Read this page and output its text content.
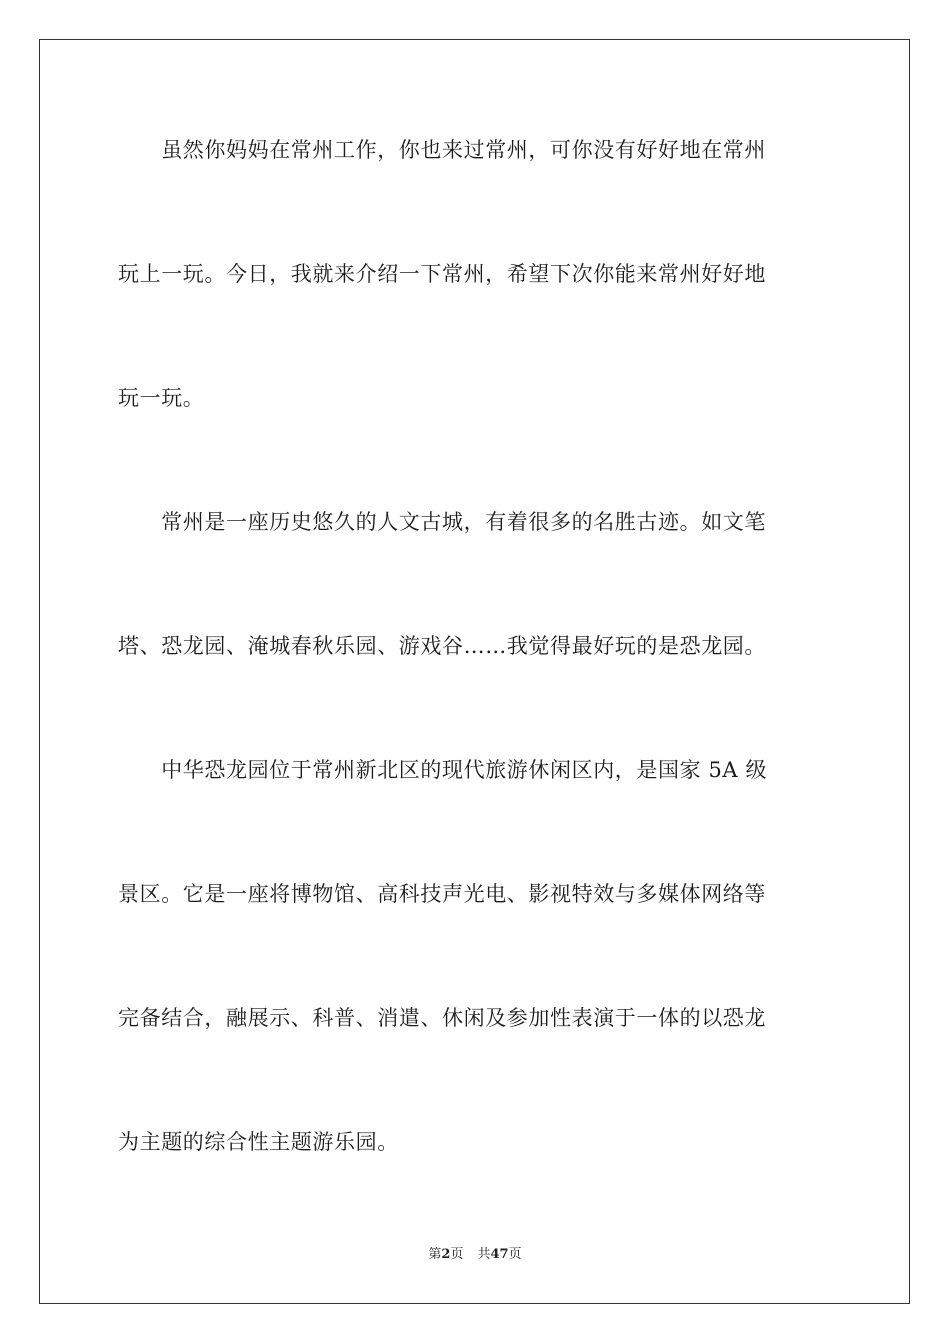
　　虽然你妈妈在常州工作，你也来过常州，可你没有好好地在常州
玩上一玩。今日，我就来介绍一下常州，希望下次你能来常州好好地
玩一玩。
　　常州是一座历史悠久的人文古城，有着很多的名胜古迹。如文笔
塔、恐龙园、淹城春秋乐园、游戏谷……我觉得最好玩的是恐龙园。
　　中华恐龙园位于常州新北区的现代旅游休闲区内，是国家 5A 级
景区。它是一座将博物馆、高科技声光电、影视特效与多媒体网络等
完备结合，融展示、科普、消遣、休闲及参加性表演于一体的以恐龙
为主题的综合性主题游乐园。
第2页 共47页
